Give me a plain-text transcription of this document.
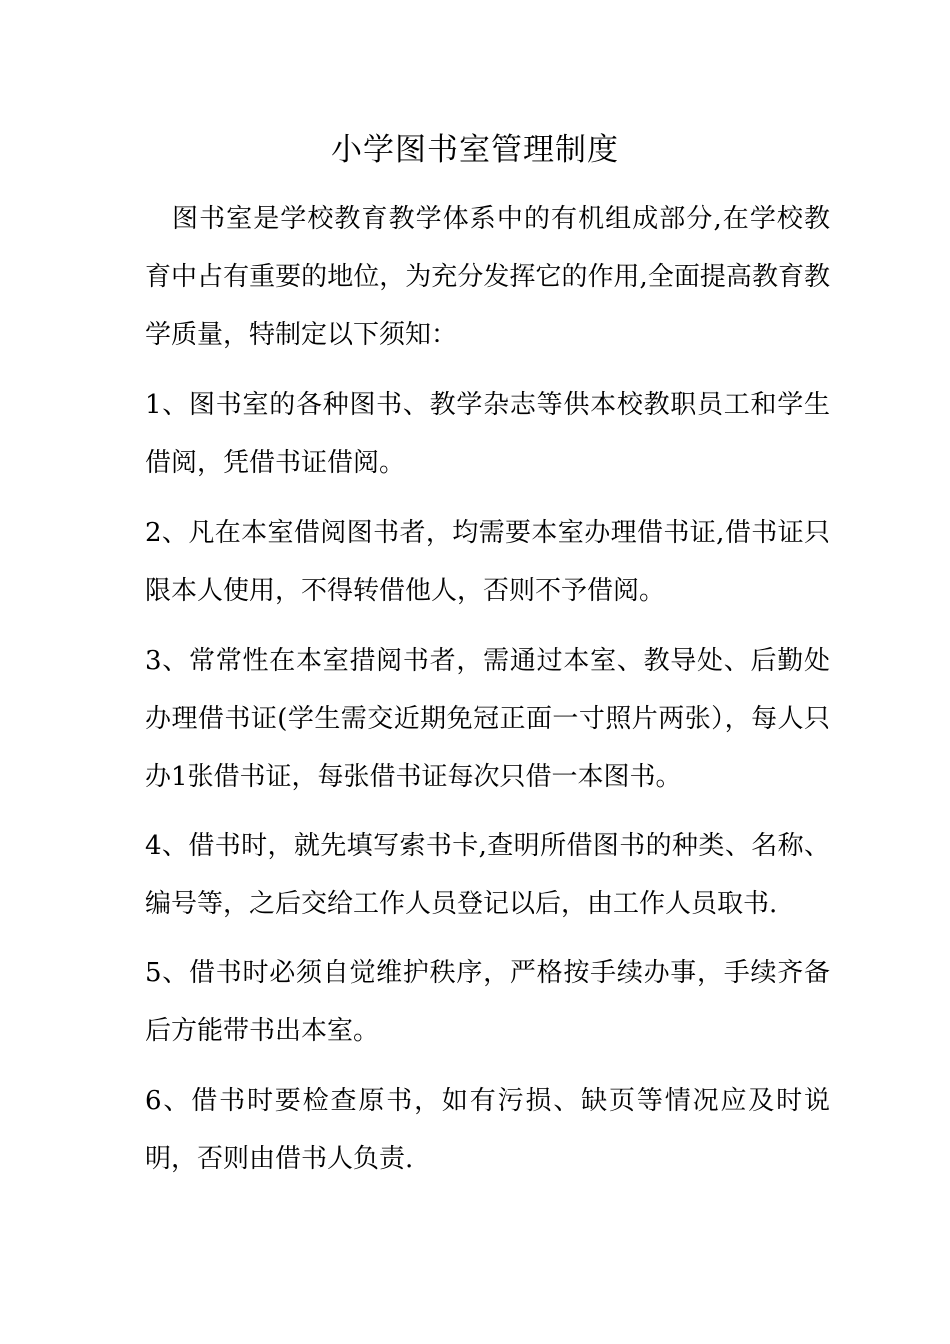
小学图书室管理制度
图书室是学校教育教学体系中的有机组成部分,在学校教育中占有重要的地位，为充分发挥它的作用,全面提高教育教学质量，特制定以下须知：
1、图书室的各种图书、教学杂志等供本校教职员工和学生借阅，凭借书证借阅。
2、凡在本室借阅图书者，均需要本室办理借书证,借书证只限本人使用，不得转借他人，否则不予借阅。
3、常常性在本室措阅书者，需通过本室、教导处、后勤处办理借书证(学生需交近期免冠正面一寸照片两张），每人只办1张借书证，每张借书证每次只借一本图书。
4、借书时，就先填写索书卡,查明所借图书的种类、名称、编号等，之后交给工作人员登记以后，由工作人员取书.
5、借书时必须自觉维护秩序，严格按手续办事，手续齐备后方能带书出本室。
6、借书时要检查原书，如有污损、缺页等情况应及时说明，否则由借书人负责.
